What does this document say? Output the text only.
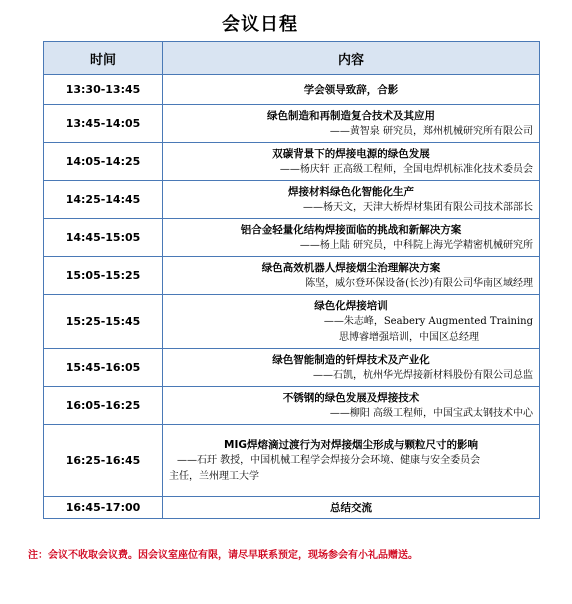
会议日程
时间	内容
13:30-13:45	学会领导致辞，合影

13:45-14:05	绿色制造和再制造复合技术及其应用
——黄智泉 研究员，郑州机械研究所有限公司

14:05-14:25	双碳背景下的焊接电源的绿色发展
——杨庆轩 正高级工程师，全国电焊机标准化技术委员会

14:25-14:45	焊接材料绿色化智能化生产
——杨天文，天津大桥焊材集团有限公司技术部部长

14:45-15:05	铝合金轻量化结构焊接面临的挑战和新解决方案
——杨上陆 研究员，中科院上海光学精密机械研究所

15:05-15:25	绿色高效机器人焊接烟尘治理解决方案
陈坚，威尔登环保设备(长沙)有限公司华南区域经理

15:25-15:45	绿色化焊接培训
——朱志峰，Seabery Augmented Training
思博睿增强培训，中国区总经理

15:45-16:05	绿色智能制造的钎焊技术及产业化
——石凯，杭州华光焊接新材料股份有限公司总监

16:05-16:25	不锈钢的绿色发展及焊接技术
——柳阳 高级工程师，中国宝武太钢技术中心

16:25-16:45	MIG焊熔滴过渡行为对焊接烟尘形成与颗粒尺寸的影响
——石玗 教授，中国机械工程学会焊接分会环境、健康与安全委员会
主任，兰州理工大学

16:45-17:00	总结交流
注：会议不收取会议费。因会议室座位有限，请尽早联系预定，现场参会有小礼品赠送。
